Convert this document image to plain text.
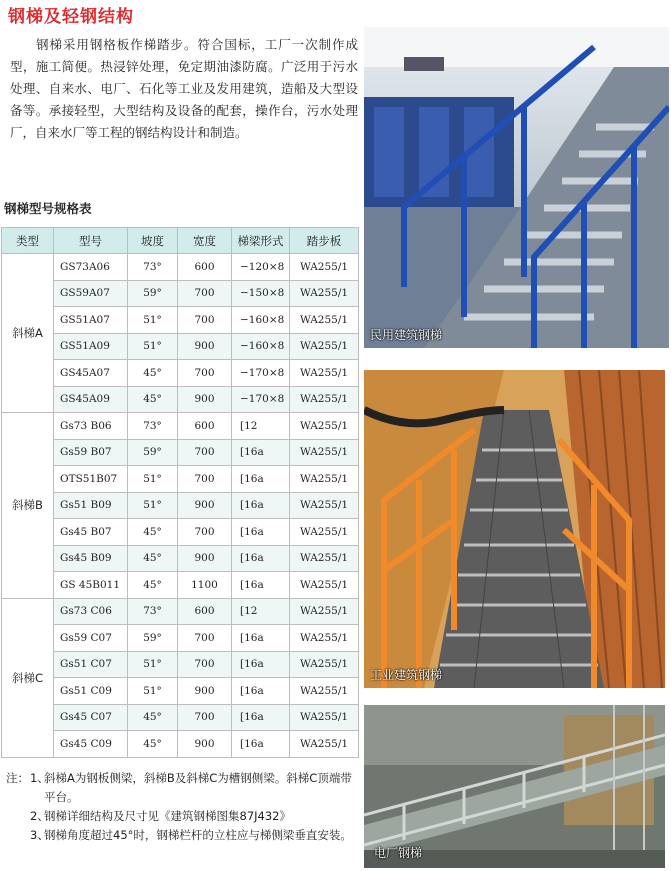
钢梯及轻钢结构
钢梯采用钢格板作梯踏步。符合国标，工厂一次制作成型，施工简便。热浸锌处理，免定期油漆防腐。广泛用于污水处理、自来水、电厂、石化等工业及发用建筑，造船及大型设备等。承接轻型，大型结构及设备的配套，操作台，污水处理厂，自来水厂等工程的钢结构设计和制造。
钢梯型号规格表
类型	型号	坡度	宽度	梯梁形式	踏步板
斜梯A	GS73A06	73°	600	−120×8	WA255/1
	GS59A07	59°	700	−150×8	WA255/1
	GS51A07	51°	700	−160×8	WA255/1
	GS51A09	51°	900	−160×8	WA255/1
	GS45A07	45°	700	−170×8	WA255/1
	GS45A09	45°	900	−170×8	WA255/1
斜梯B	Gs73 B06	73°	600	[12	WA255/1
	Gs59 B07	59°	700	[16a	WA255/1
	OTS51B07	51°	700	[16a	WA255/1
	Gs51 B09	51°	900	[16a	WA255/1
	Gs45 B07	45°	700	[16a	WA255/1
	Gs45 B09	45°	900	[16a	WA255/1
	GS 45B011	45°	1100	[16a	WA255/1
斜梯C	Gs73 C06	73°	600	[12	WA255/1
	Gs59 C07	59°	700	[16a	WA255/1
	Gs51 C07	51°	700	[16a	WA255/1
	Gs51 C09	51°	900	[16a	WA255/1
	Gs45 C07	45°	700	[16a	WA255/1
	Gs45 C09	45°	900	[16a	WA255/1
注： 1、
斜梯A为钢板侧梁，斜梯B及斜梯C为槽钢侧梁。斜梯C顶端带平台。
2、
钢梯详细结构及尺寸见《建筑钢梯图集87J432》
3、
钢梯角度超过45°时，钢梯栏杆的立柱应与梯侧梁垂直安装。
民用建筑钢梯
工业建筑钢梯
电厂钢梯
